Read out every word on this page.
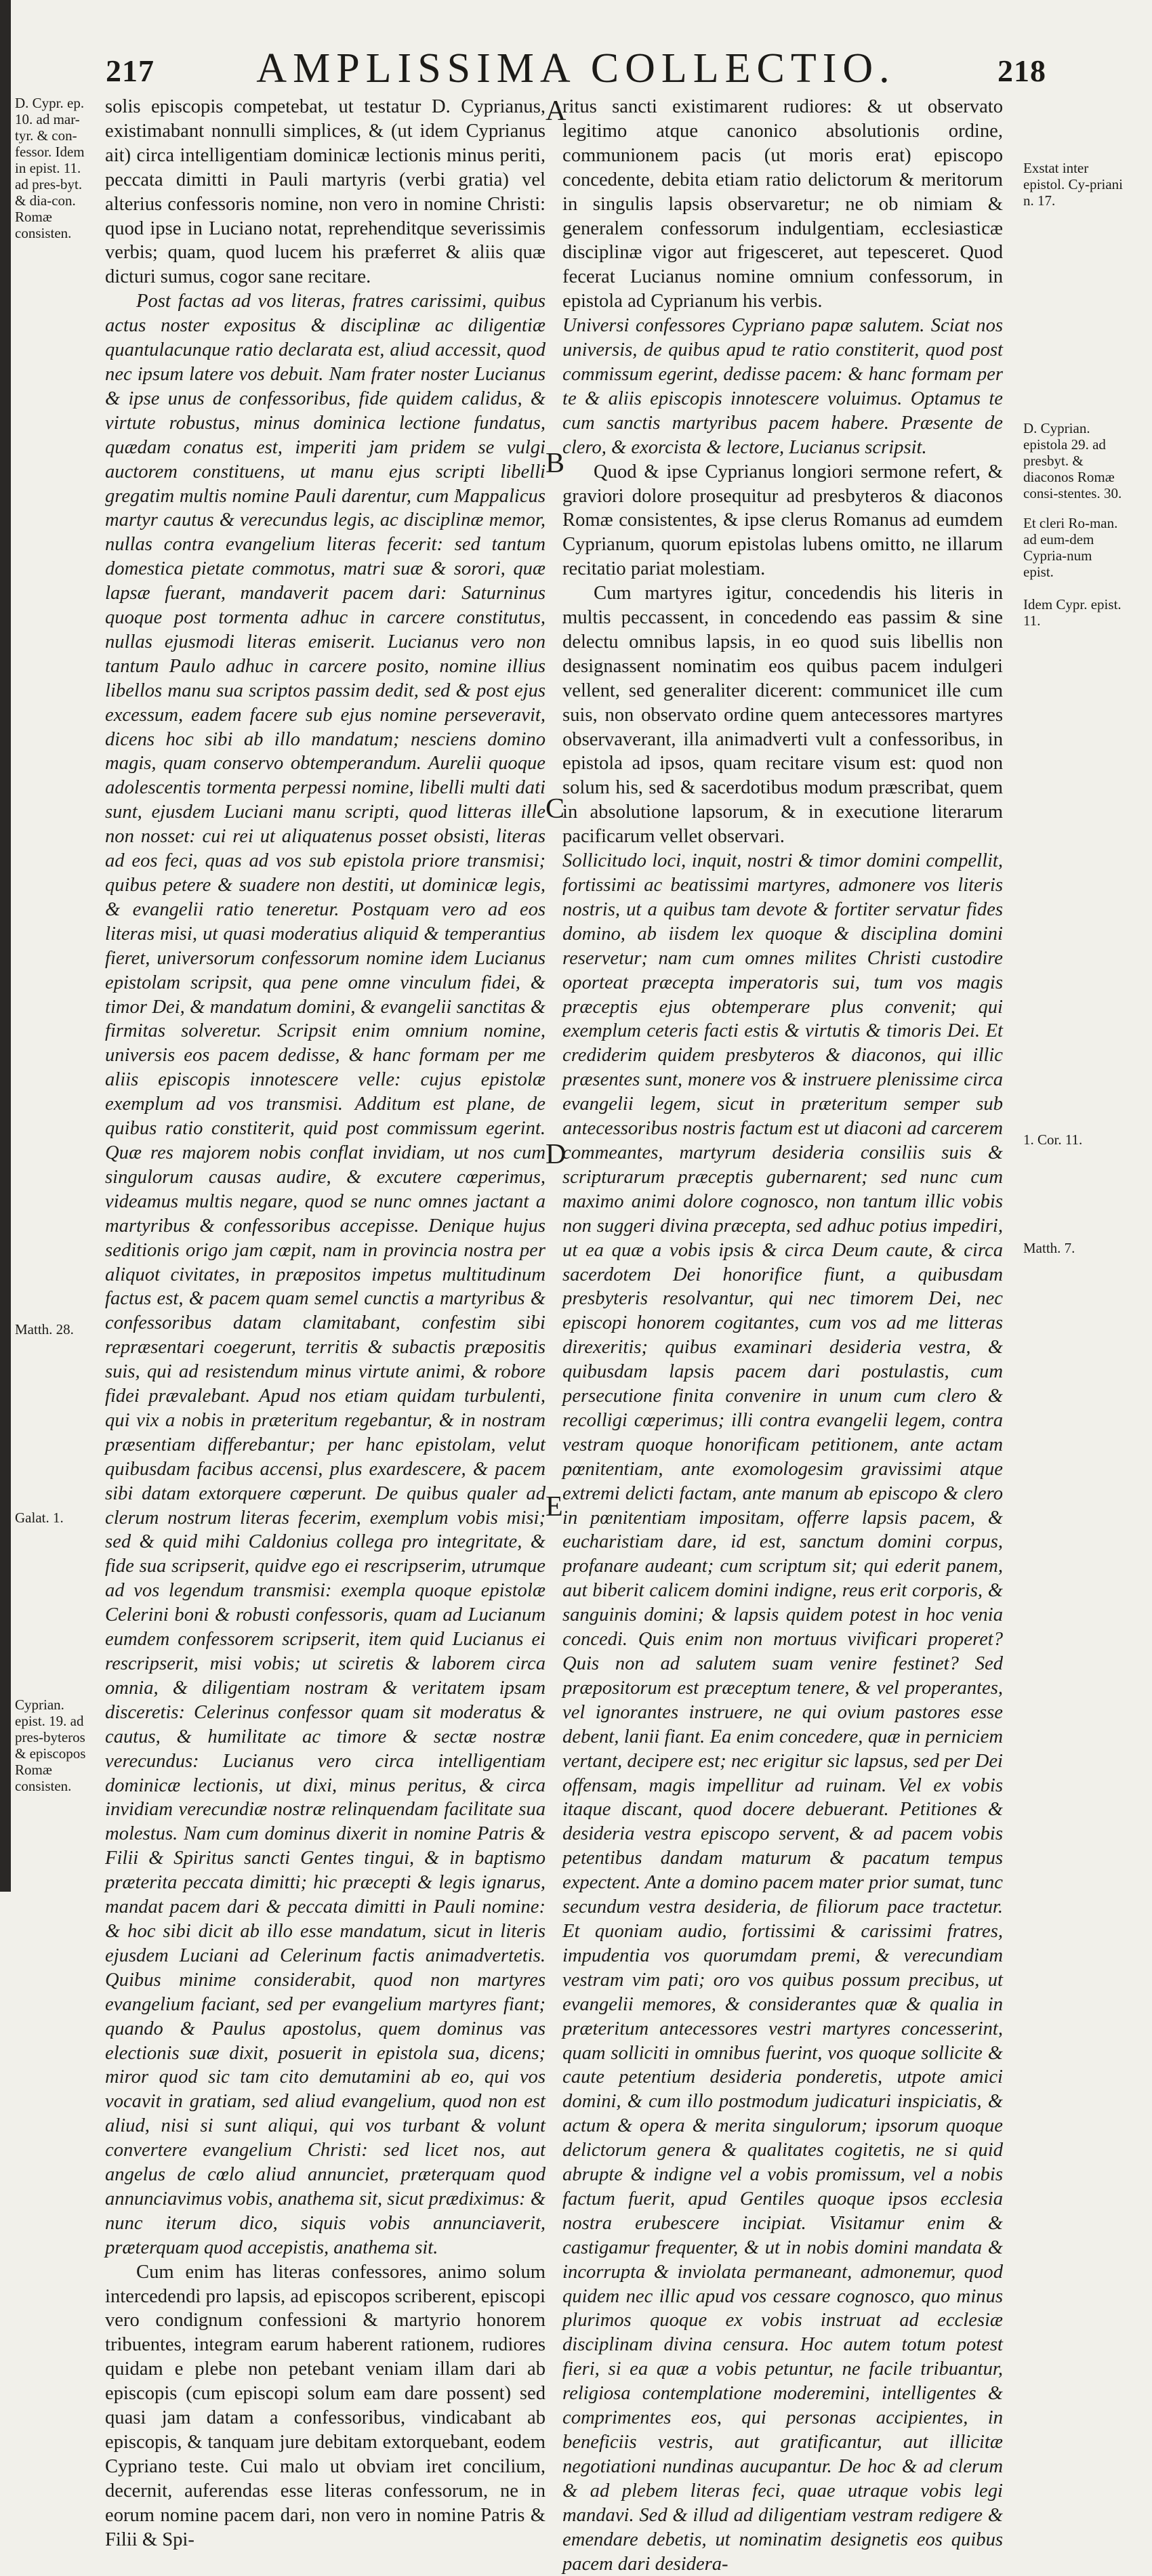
217	AMPLISSIMA COLLECTIO.	218
D. Cypr. ep. 10. ad mar-tyr. & con-fessor. Idem in epist. 11. ad pres-byt. & dia-con. Romæ consisten.
Matth. 28.
Galat. 1.
Cyprian. epist. 19. ad pres-byteros & episcopos Romæ consisten.
A
B
C
D
E

solis episcopis competebat, ut testatur D. Cyprianus, existimabant nonnulli simplices, & (ut idem Cyprianus ait) circa intelligentiam dominicæ lectionis minus periti, peccata dimitti in Pauli martyris (verbi gratia) vel alterius confessoris nomine, non vero in nomine Christi: quod ipse in Luciano notat, reprehenditque severissimis verbis; quam, quod lucem his præferret & aliis quæ dicturi sumus, cogor sane recitare.

Post factas ad vos literas, fratres carissimi, quibus actus noster expositus & disciplinæ ac diligentiæ quantulacunque ratio declarata est, aliud accessit, quod nec ipsum latere vos debuit. Nam frater noster Lucianus & ipse unus de confessoribus, fide quidem calidus, & virtute robustus, minus dominica lectione fundatus, quædam conatus est, imperiti jam pridem se vulgi auctorem constituens, ut manu ejus scripti libelli gregatim multis nomine Pauli darentur, cum Mappalicus martyr cautus & verecundus legis, ac disciplinæ memor, nullas contra evangelium literas fecerit: sed tantum domestica pietate commotus, matri suæ & sorori, quæ lapsæ fuerant, mandaverit pacem dari: Saturninus quoque post tormenta adhuc in carcere constitutus, nullas ejusmodi literas emiserit. Lucianus vero non tantum Paulo adhuc in carcere posito, nomine illius libellos manu sua scriptos passim dedit, sed & post ejus excessum, eadem facere sub ejus nomine perseveravit, dicens hoc sibi ab illo mandatum; nesciens domino magis, quam conservo obtemperandum. Aurelii quoque adolescentis tormenta perpessi nomine, libelli multi dati sunt, ejusdem Luciani manu scripti, quod litteras ille non nosset: cui rei ut aliquatenus posset obsisti, literas ad eos feci, quas ad vos sub epistola priore transmisi; quibus petere & suadere non destiti, ut dominicæ legis, & evangelii ratio teneretur. Postquam vero ad eos literas misi, ut quasi moderatius aliquid & temperantius fieret, universorum confessorum nomine idem Lucianus epistolam scripsit, qua pene omne vinculum fidei, & timor Dei, & mandatum domini, & evangelii sanctitas & firmitas solveretur. Scripsit enim omnium nomine, universis eos pacem dedisse, & hanc formam per me aliis episcopis innotescere velle: cujus epistolæ exemplum ad vos transmisi. Additum est plane, de quibus ratio constiterit, quid post commissum egerint. Quæ res majorem nobis conflat invidiam, ut nos cum singulorum causas audire, & excutere cœperimus, videamus multis negare, quod se nunc omnes jactant a martyribus & confessoribus accepisse. Denique hujus seditionis origo jam cœpit, nam in provincia nostra per aliquot civitates, in præpositos impetus multitudinum factus est, & pacem quam semel cunctis a martyribus & confessoribus datam clamitabant, confestim sibi repræsentari coegerunt, territis & subactis præpositis suis, qui ad resistendum minus virtute animi, & robore fidei prævalebant. Apud nos etiam quidam turbulenti, qui vix a nobis in præteritum regebantur, & in nostram præsentiam differebantur; per hanc epistolam, velut quibusdam facibus accensi, plus exardescere, & pacem sibi datam extorquere cœperunt. De quibus qualer ad clerum nostrum literas fecerim, exemplum vobis misi; sed & quid mihi Caldonius collega pro integritate, & fide sua scripserit, quidve ego ei rescripserim, utrumque ad vos legendum transmisi: exempla quoque epistolæ Celerini boni & robusti confessoris, quam ad Lucianum eumdem confessorem scripserit, item quid Lucianus ei rescripserit, misi vobis; ut sciretis & laborem circa omnia, & diligentiam nostram & veritatem ipsam disceretis: Celerinus confessor quam sit moderatus & cautus, & humilitate ac timore & sectæ nostræ verecundus: Lucianus vero circa intelligentiam dominicæ lectionis, ut dixi, minus peritus, & circa invidiam verecundiæ nostræ relinquendam facilitate sua molestus. Nam cum dominus dixerit in nomine Patris & Filii & Spiritus sancti Gentes tingui, & in baptismo præterita peccata dimitti; hic præcepti & legis ignarus, mandat pacem dari & peccata dimitti in Pauli nomine: & hoc sibi dicit ab illo esse mandatum, sicut in literis ejusdem Luciani ad Celerinum factis animadvertetis. Quibus minime considerabit, quod non martyres evangelium faciant, sed per evangelium martyres fiant; quando & Paulus apostolus, quem dominus vas electionis suæ dixit, posuerit in epistola sua, dicens; miror quod sic tam cito demutamini ab eo, qui vos vocavit in gratiam, sed aliud evangelium, quod non est aliud, nisi si sunt aliqui, qui vos turbant & volunt convertere evangelium Christi: sed licet nos, aut angelus de cœlo aliud annunciet, præterquam quod annunciavimus vobis, anathema sit, sicut prædiximus: & nunc iterum dico, siquis vobis annunciaverit, præterquam quod accepistis, anathema sit.

Cum enim has literas confessores, animo solum intercedendi pro lapsis, ad episcopos scriberent, episcopi vero condignum confessioni & martyrio honorem tribuentes, integram earum haberent rationem, rudiores quidam e plebe non petebant veniam illam dari ab episcopis (cum episcopi solum eam dare possent) sed quasi jam datam a confessoribus, vindicabant ab episcopis, & tanquam jure debitam extorquebant, eodem Cypriano teste. Cui malo ut obviam iret concilium, decernit, auferendas esse literas confessorum, ne in eorum nomine pacem dari, non vero in nomine Patris & Filii & Spi-

ritus sancti existimarent rudiores: & ut observato legitimo atque canonico absolutionis ordine, communionem pacis (ut moris erat) episcopo concedente, debita etiam ratio delictorum & meritorum in singulis lapsis observaretur; ne ob nimiam & generalem confessorum indulgentiam, ecclesiasticæ disciplinæ vigor aut frigesceret, aut tepesceret. Quod fecerat Lucianus nomine omnium confessorum, in epistola ad Cyprianum his verbis.

Universi confessores Cypriano papæ salutem. Sciat nos universis, de quibus apud te ratio constiterit, quod post commissum egerint, dedisse pacem: & hanc formam per te & aliis episcopis innotescere voluimus. Optamus te cum sanctis martyribus pacem habere. Præsente de clero, & exorcista & lectore, Lucianus scripsit.

Quod & ipse Cyprianus longiori sermone refert, & graviori dolore prosequitur ad presbyteros & diaconos Romæ consistentes, & ipse clerus Romanus ad eumdem Cyprianum, quorum epistolas lubens omitto, ne illarum recitatio pariat molestiam.

Cum martyres igitur, concedendis his literis in multis peccassent, in concedendo eas passim & sine delectu omnibus lapsis, in eo quod suis libellis non designassent nominatim eos quibus pacem indulgeri vellent, sed generaliter dicerent: communicet ille cum suis, non observato ordine quem antecessores martyres observaverant, illa animadverti vult a confessoribus, in epistola ad ipsos, quam recitare visum est: quod non solum his, sed & sacerdotibus modum præscribat, quem in absolutione lapsorum, & in executione literarum pacificarum vellet observari.

Sollicitudo loci, inquit, nostri & timor domini compellit, fortissimi ac beatissimi martyres, admonere vos literis nostris, ut a quibus tam devote & fortiter servatur fides domino, ab iisdem lex quoque & disciplina domini reservetur; nam cum omnes milites Christi custodire oporteat præcepta imperatoris sui, tum vos magis præceptis ejus obtemperare plus convenit; qui exemplum ceteris facti estis & virtutis & timoris Dei. Et crediderim quidem presbyteros & diaconos, qui illic præsentes sunt, monere vos & instruere plenissime circa evangelii legem, sicut in præteritum semper sub antecessoribus nostris factum est ut diaconi ad carcerem commeantes, martyrum desideria consiliis suis & scripturarum præceptis gubernarent; sed nunc cum maximo animi dolore cognosco, non tantum illic vobis non suggeri divina præcepta, sed adhuc potius impediri, ut ea quæ a vobis ipsis & circa Deum caute, & circa sacerdotem Dei honorifice fiunt, a quibusdam presbyteris resolvantur, qui nec timorem Dei, nec episcopi honorem cogitantes, cum vos ad me litteras direxeritis; quibus examinari desideria vestra, & quibusdam lapsis pacem dari postulastis, cum persecutione finita convenire in unum cum clero & recolligi cœperimus; illi contra evangelii legem, contra vestram quoque honorificam petitionem, ante actam pœnitentiam, ante exomologesim gravissimi atque extremi delicti factam, ante manum ab episcopo & clero in pœnitentiam impositam, offerre lapsis pacem, & eucharistiam dare, id est, sanctum domini corpus, profanare audeant; cum scriptum sit; qui ederit panem, aut biberit calicem domini indigne, reus erit corporis, & sanguinis domini; & lapsis quidem potest in hoc venia concedi. Quis enim non mortuus vivificari properet? Quis non ad salutem suam venire festinet? Sed præpositorum est præceptum tenere, & vel properantes, vel ignorantes instruere, ne qui ovium pastores esse debent, lanii fiant. Ea enim concedere, quæ in perniciem vertant, decipere est; nec erigitur sic lapsus, sed per Dei offensam, magis impellitur ad ruinam. Vel ex vobis itaque discant, quod docere debuerant. Petitiones & desideria vestra episcopo servent, & ad pacem vobis petentibus dandam maturum & pacatum tempus expectent. Ante a domino pacem mater prior sumat, tunc secundum vestra desideria, de filiorum pace tractetur. Et quoniam audio, fortissimi & carissimi fratres, impudentia vos quorumdam premi, & verecundiam vestram vim pati; oro vos quibus possum precibus, ut evangelii memores, & considerantes quæ & qualia in præteritum antecessores vestri martyres concesserint, quam solliciti in omnibus fuerint, vos quoque sollicite & caute petentium desideria ponderetis, utpote amici domini, & cum illo postmodum judicaturi inspiciatis, & actum & opera & merita singulorum; ipsorum quoque delictorum genera & qualitates cogitetis, ne si quid abrupte & indigne vel a vobis promissum, vel a nobis factum fuerit, apud Gentiles quoque ipsos ecclesia nostra erubescere incipiat. Visitamur enim & castigamur frequenter, & ut in nobis domini mandata & incorrupta & inviolata permaneant, admonemur, quod quidem nec illic apud vos cessare cognosco, quo minus plurimos quoque ex vobis instruat ad ecclesiæ disciplinam divina censura. Hoc autem totum potest fieri, si ea quæ a vobis petuntur, ne facile tribuantur, religiosa contemplatione moderemini, intelligentes & comprimentes eos, qui personas accipientes, in beneficiis vestris, aut gratificantur, aut illicitæ negotiationi nundinas aucupantur. De hoc & ad clerum & ad plebem literas feci, quae utraque vobis legi mandavi. Sed & illud ad diligentiam vestram redigere & emendare debetis, ut nominatim designetis eos quibus pacem dari desidera-

Exstat inter epistol. Cy-priani n. 17.
D. Cyprian. epistola 29. ad presbyt. & diaconos Romæ consi-stentes. 30.
Et cleri Ro-man. ad eum-dem Cypria-num epist.
Idem Cypr. epist. 11.
1. Cor. 11.
Matth. 7.
